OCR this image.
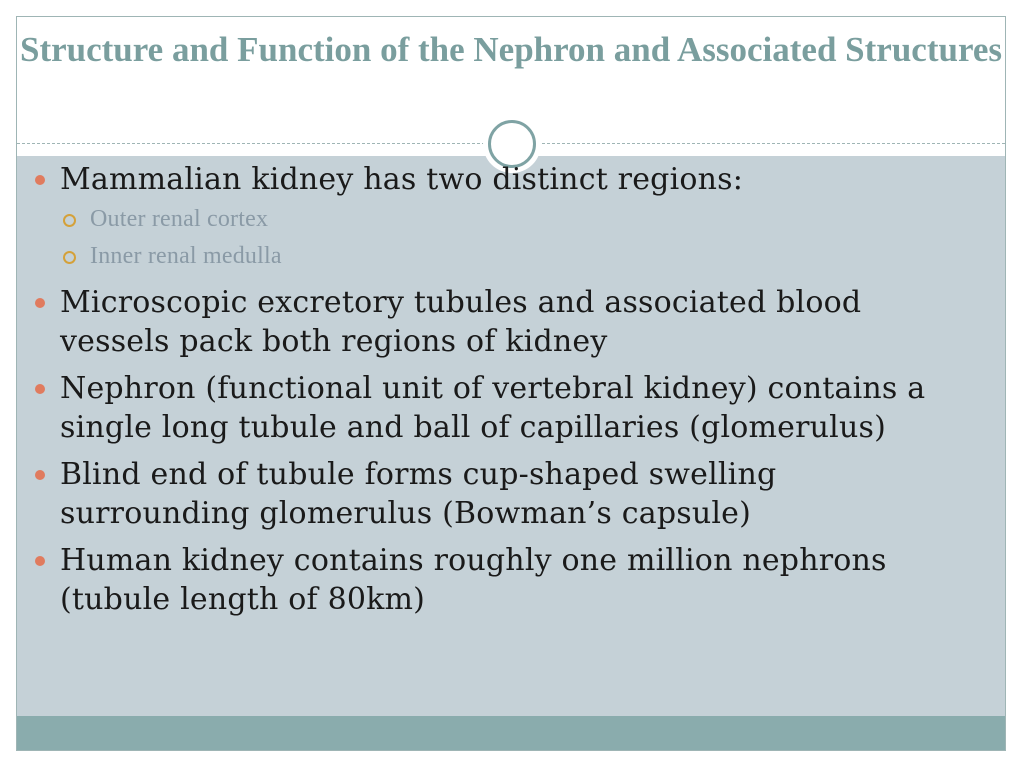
Structure and Function of the Nephron and Associated Structures
Mammalian kidney has two distinct regions:
Outer renal cortex
Inner renal medulla
Microscopic excretory tubules and associated blood vessels pack both regions of kidney
Nephron (functional unit of vertebral kidney) contains a single long tubule and ball of capillaries (glomerulus)
Blind end of tubule forms cup-shaped swelling surrounding glomerulus (Bowman’s capsule)
Human kidney contains roughly one million nephrons (tubule length of 80km)
